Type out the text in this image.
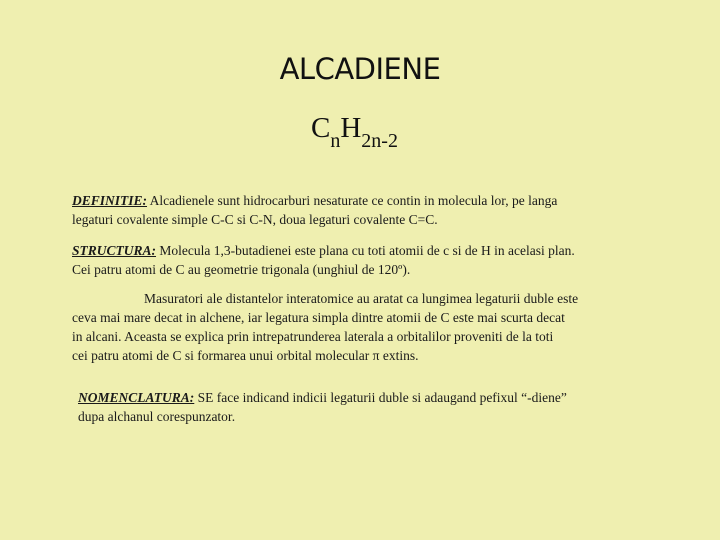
ALCADIENE
$C_nH_{2n-2}$
DEFINITIE: Alcadienele sunt hidrocarburi nesaturate ce contin in molecula lor, pe langa
legaturi covalente simple C-C si C-N, doua legaturi covalente C=C.
STRUCTURA: Molecula 1,3-butadienei este plana cu toti atomii de c si de H in acelasi plan.
Cei patru atomi de C au geometrie trigonala (unghiul de 120º).
Masuratori ale distantelor interatomice au aratat ca lungimea legaturii duble este
ceva mai mare decat in alchene, iar legatura simpla dintre atomii de C este mai scurta decat
in alcani. Aceasta se explica prin intrepatrunderea laterala a orbitalilor proveniti de la toti
cei patru atomi de C si formarea unui orbital molecular π extins.
NOMENCLATURA: SE face indicand indicii legaturii duble si adaugand pefixul “-diene”
dupa alchanul corespunzator.
